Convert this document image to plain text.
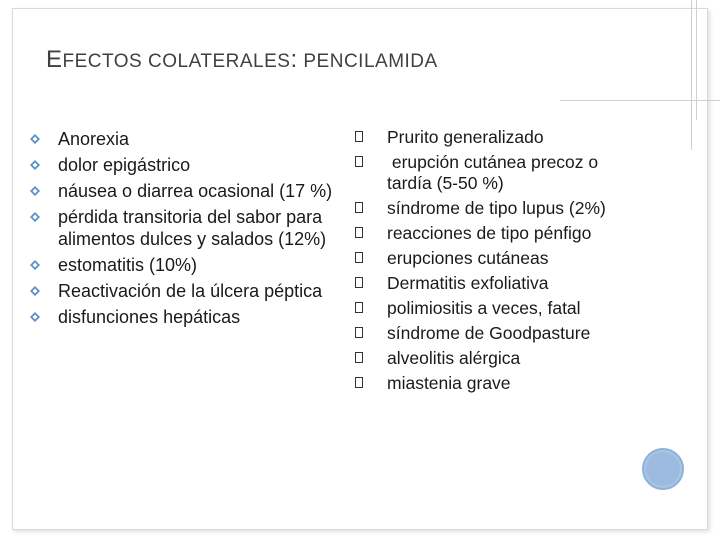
EFECTOS COLATERALES: PENCILAMIDA
Anorexia
dolor epigástrico
náusea o diarrea ocasional (17 %)
pérdida transitoria del sabor para alimentos dulces y salados (12%)
estomatitis (10%)
Reactivación de la úlcera péptica
disfunciones hepáticas
Prurito generalizado
erupción cutánea precoz o tardía (5-50 %)
síndrome de tipo lupus (2%)
reacciones de tipo pénfigo
erupciones cutáneas
Dermatitis exfoliativa
polimiositis a veces, fatal
síndrome de Goodpasture
alveolitis alérgica
miastenia grave
